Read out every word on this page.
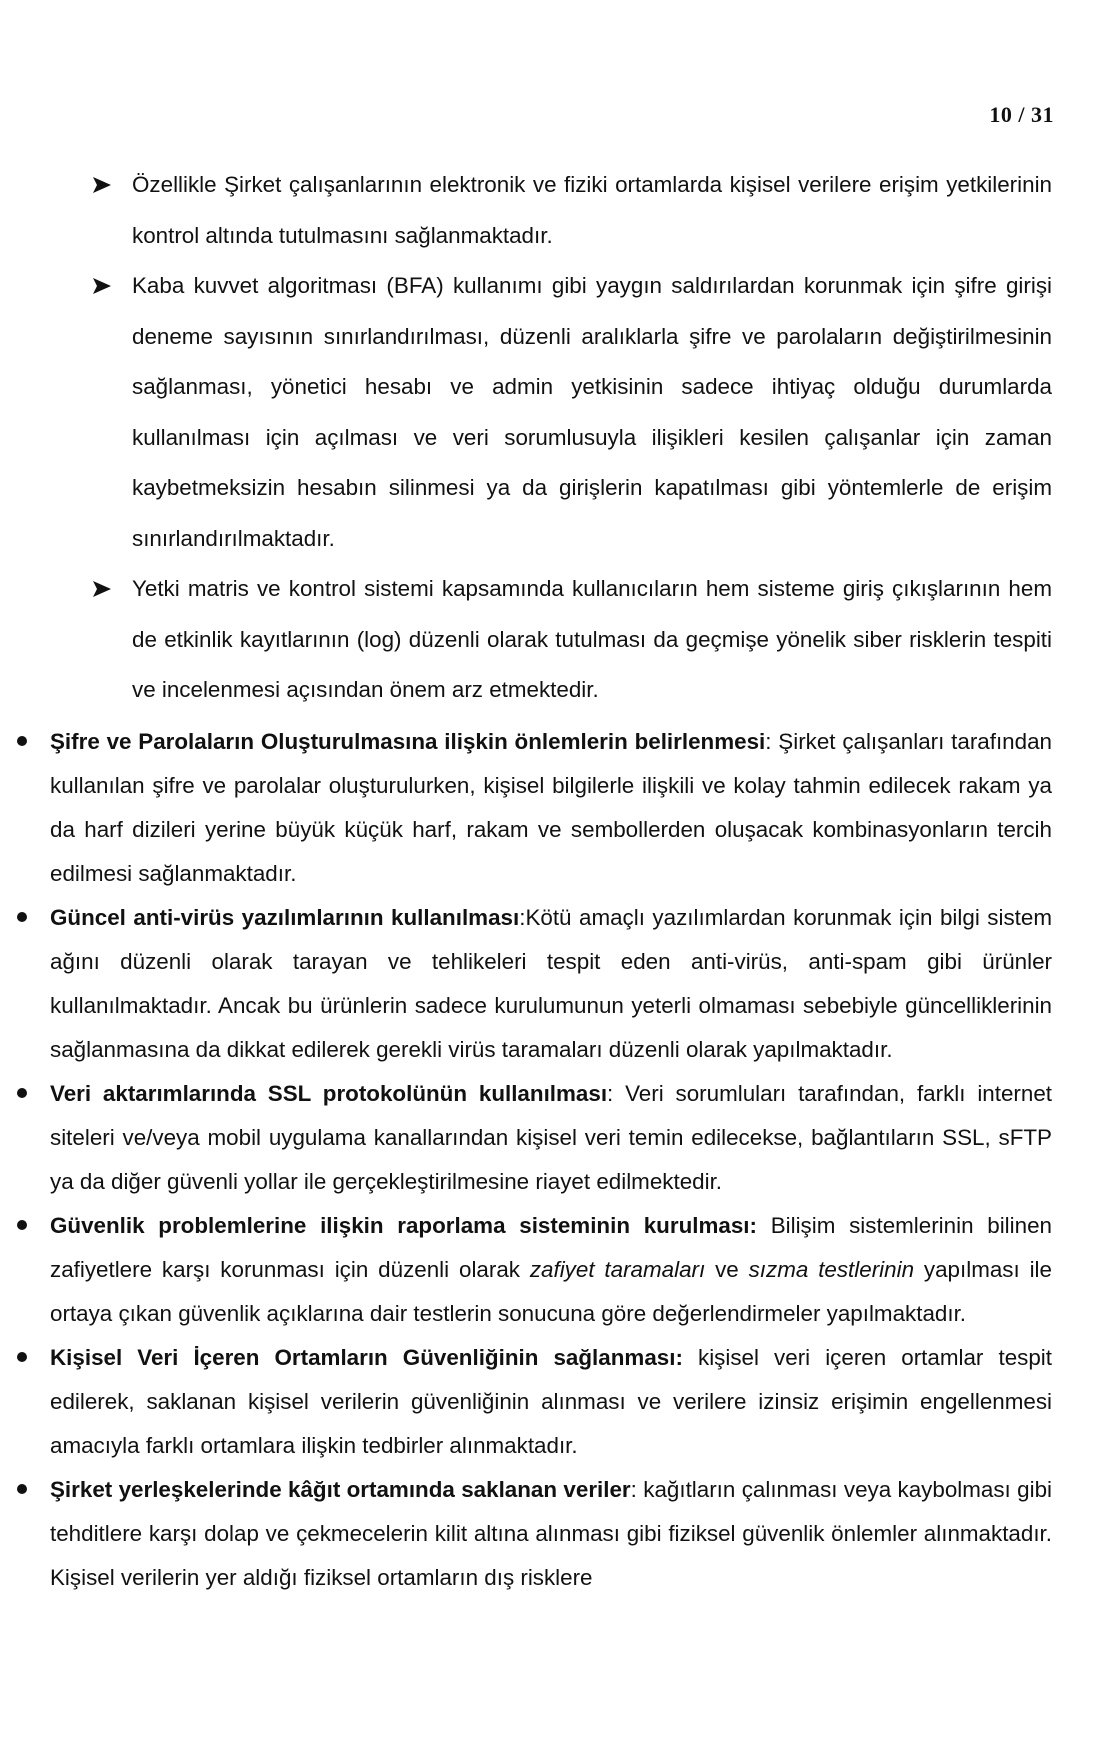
10 / 31
Özellikle Şirket çalışanlarının elektronik ve fiziki ortamlarda kişisel verilere erişim yetkilerinin kontrol altında tutulmasını sağlanmaktadır.
Kaba kuvvet algoritması (BFA) kullanımı gibi yaygın saldırılardan korunmak için şifre girişi deneme sayısının sınırlandırılması, düzenli aralıklarla şifre ve parolaların değiştirilmesinin sağlanması, yönetici hesabı ve admin yetkisinin sadece ihtiyaç olduğu durumlarda kullanılması için açılması ve veri sorumlusuyla ilişikleri kesilen çalışanlar için zaman kaybetmeksizin hesabın silinmesi ya da girişlerin kapatılması gibi yöntemlerle de erişim sınırlandırılmaktadır.
Yetki matris ve kontrol sistemi kapsamında kullanıcıların hem sisteme giriş çıkışlarının hem de etkinlik kayıtlarının (log) düzenli olarak tutulması da geçmişe yönelik siber risklerin tespiti ve incelenmesi açısından önem arz etmektedir.
Şifre ve Parolaların Oluşturulmasına ilişkin önlemlerin belirlenmesi: Şirket çalışanları tarafından kullanılan şifre ve parolalar oluşturulurken, kişisel bilgilerle ilişkili ve kolay tahmin edilecek rakam ya da harf dizileri yerine büyük küçük harf, rakam ve sembollerden oluşacak kombinasyonların tercih edilmesi sağlanmaktadır.
Güncel anti-virüs yazılımlarının kullanılması:Kötü amaçlı yazılımlardan korunmak için bilgi sistem ağını düzenli olarak tarayan ve tehlikeleri tespit eden anti-virüs, anti-spam gibi ürünler kullanılmaktadır. Ancak bu ürünlerin sadece kurulumunun yeterli olmaması sebebiyle güncelliklerinin sağlanmasına da dikkat edilerek gerekli virüs taramaları düzenli olarak yapılmaktadır.
Veri aktarımlarında SSL protokolünün kullanılması: Veri sorumluları tarafından, farklı internet siteleri ve/veya mobil uygulama kanallarından kişisel veri temin edilecekse, bağlantıların SSL, sFTP ya da diğer güvenli yollar ile gerçekleştirilmesine riayet edilmektedir.
Güvenlik problemlerine ilişkin raporlama sisteminin kurulması: Bilişim sistemlerinin bilinen zafiyetlere karşı korunması için düzenli olarak zafiyet taramaları ve sızma testlerinin yapılması ile ortaya çıkan güvenlik açıklarına dair testlerin sonucuna göre değerlendirmeler yapılmaktadır.
Kişisel Veri İçeren Ortamların Güvenliğinin sağlanması: kişisel veri içeren ortamlar tespit edilerek, saklanan kişisel verilerin güvenliğinin alınması ve verilere izinsiz erişimin engellenmesi amacıyla farklı ortamlara ilişkin tedbirler alınmaktadır.
Şirket yerleşkelerinde kâğıt ortamında saklanan veriler: kağıtların çalınması veya kaybolması gibi tehditlere karşı dolap ve çekmecelerin kilit altına alınması gibi fiziksel güvenlik önlemler alınmaktadır. Kişisel verilerin yer aldığı fiziksel ortamların dış risklere
